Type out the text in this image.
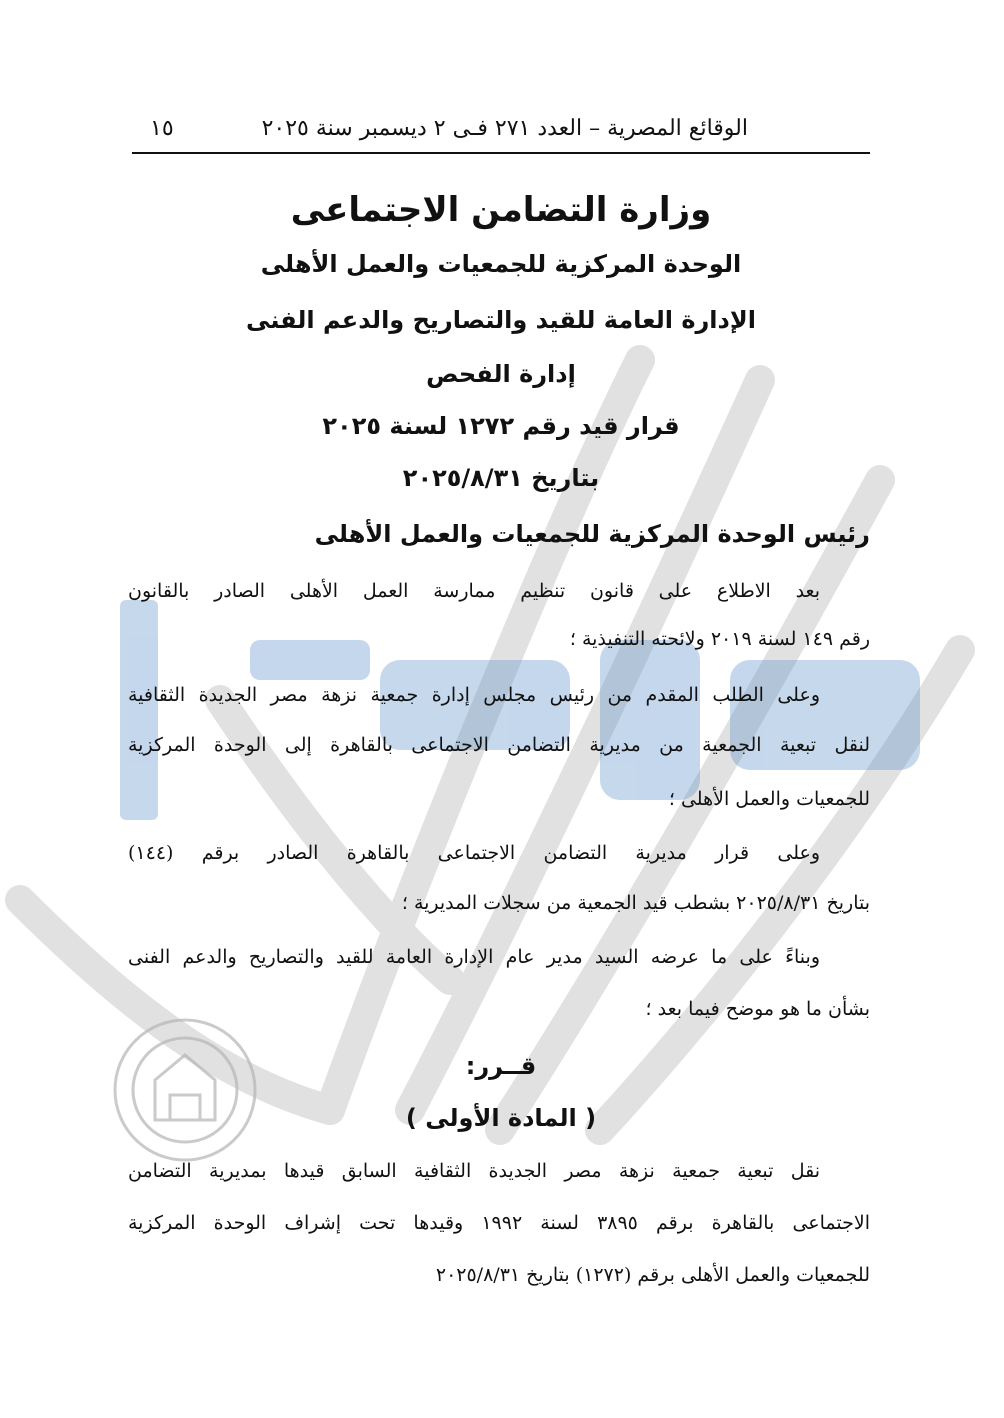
الوقائع المصرية – العدد ٢٧١ فـى ٢ ديسمبر سنة ٢٠٢٥
١٥
وزارة التضامن الاجتماعى
الوحدة المركزية للجمعيات والعمل الأهلى
الإدارة العامة للقيد والتصاريح والدعم الفنى
إدارة الفحص
قرار قيد رقم ١٢٧٢ لسنة ٢٠٢٥
بتاريخ ٢٠٢٥/٨/٣١
رئيس الوحدة المركزية للجمعيات والعمل الأهلى
بعد الاطلاع على قانون تنظيم ممارسة العمل الأهلى الصادر بالقانون
رقم ١٤٩ لسنة ٢٠١٩ ولائحته التنفيذية ؛
وعلى الطلب المقدم من رئيس مجلس إدارة جمعية نزهة مصر الجديدة الثقافية
لنقل تبعية الجمعية من مديرية التضامن الاجتماعى بالقاهرة إلى الوحدة المركزية
للجمعيات والعمل الأهلى ؛
وعلى قرار مديرية التضامن الاجتماعى بالقاهرة الصادر برقم (١٤٤)
بتاريخ ٢٠٢٥/٨/٣١ بشطب قيد الجمعية من سجلات المديرية ؛
وبناءً على ما عرضه السيد مدير عام الإدارة العامة للقيد والتصاريح والدعم الفنى
بشأن ما هو موضح فيما بعد ؛
قــرر:
( المادة الأولى )
نقل تبعية جمعية نزهة مصر الجديدة الثقافية السابق قيدها بمديرية التضامن
الاجتماعى بالقاهرة برقم ٣٨٩٥ لسنة ١٩٩٢ وقيدها تحت إشراف الوحدة المركزية
للجمعيات والعمل الأهلى برقم (١٢٧٢) بتاريخ ٢٠٢٥/٨/٣١
